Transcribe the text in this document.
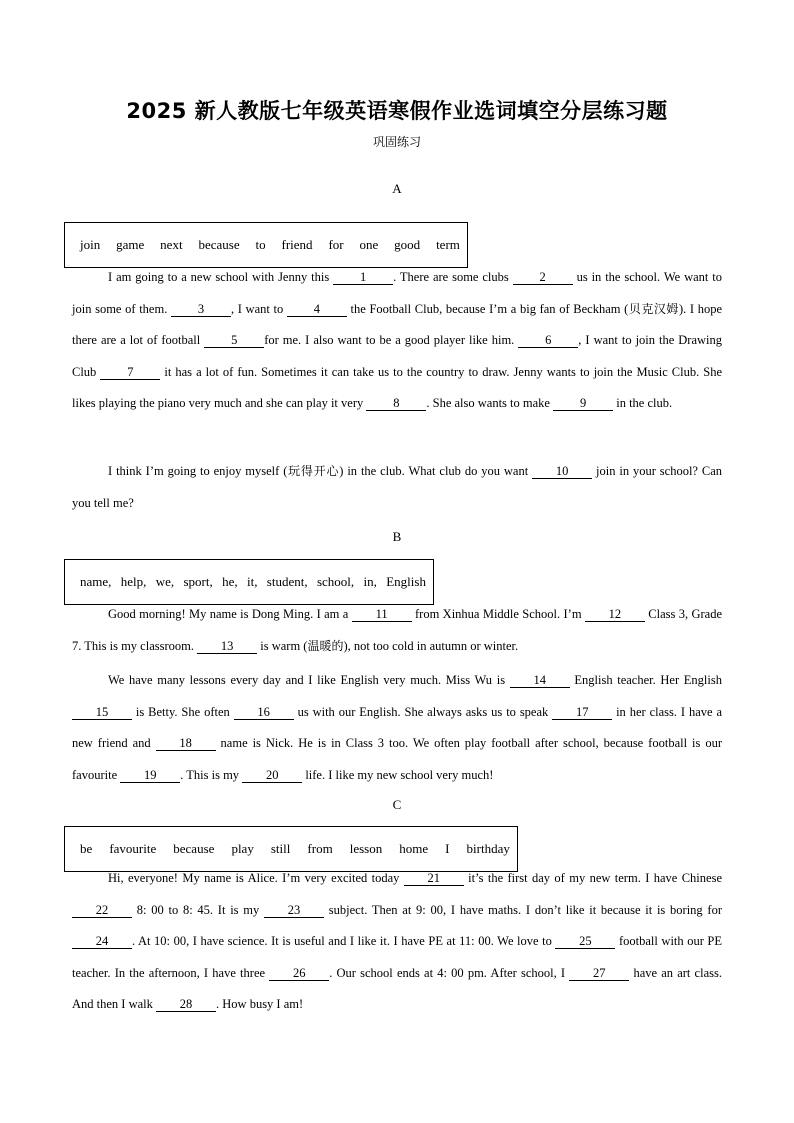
2025 新人教版七年级英语寒假作业选词填空分层练习题
巩固练习
A
join game next because to friend for one good term
I am going to a new school with Jenny this 1 . There are some clubs 2 us in the school. We want to join some of them. 3 , I want to 4 the Football Club, because I’m a big fan of Beckham (贝克汉姆). I hope there are a lot of football 5 for me. I also want to be a good player like him. 6 , I want to join the Drawing Club 7 it has a lot of fun. Sometimes it can take us to the country to draw. Jenny wants to join the Music Club. She likes playing the piano very much and she can play it very 8 . She also wants to make 9 in the club.
I think I’m going to enjoy myself (玩得开心) in the club. What club do you want 10 join in your school? Can you tell me?
B
name, help, we, sport, he, it, student, school, in, English
Good morning! My name is Dong Ming. I am a 11 from Xinhua Middle School. I’m 12 Class 3, Grade 7. This is my classroom. 13 is warm (温暖的), not too cold in autumn or winter.
We have many lessons every day and I like English very much. Miss Wu is 14 English teacher. Her English 15 is Betty. She often 16 us with our English. She always asks us to speak 17 in her class. I have a new friend and 18 name is Nick. He is in Class 3 too. We often play football after school, because football is our favourite 19 . This is my 20 life. I like my new school very much!
C
be favourite because play still from lesson home I birthday
Hi, everyone! My name is Alice. I’m very excited today 21 it’s the first day of my new term. I have Chinese 22 8: 00 to 8: 45. It is my 23 subject. Then at 9: 00, I have maths. I don’t like it because it is boring for 24 . At 10: 00, I have science. It is useful and I like it. I have PE at 11: 00. We love to 25 football with our PE teacher. In the afternoon, I have three 26 . Our school ends at 4: 00 pm. After school, I 27 have an art class. And then I walk 28 . How busy I am!
